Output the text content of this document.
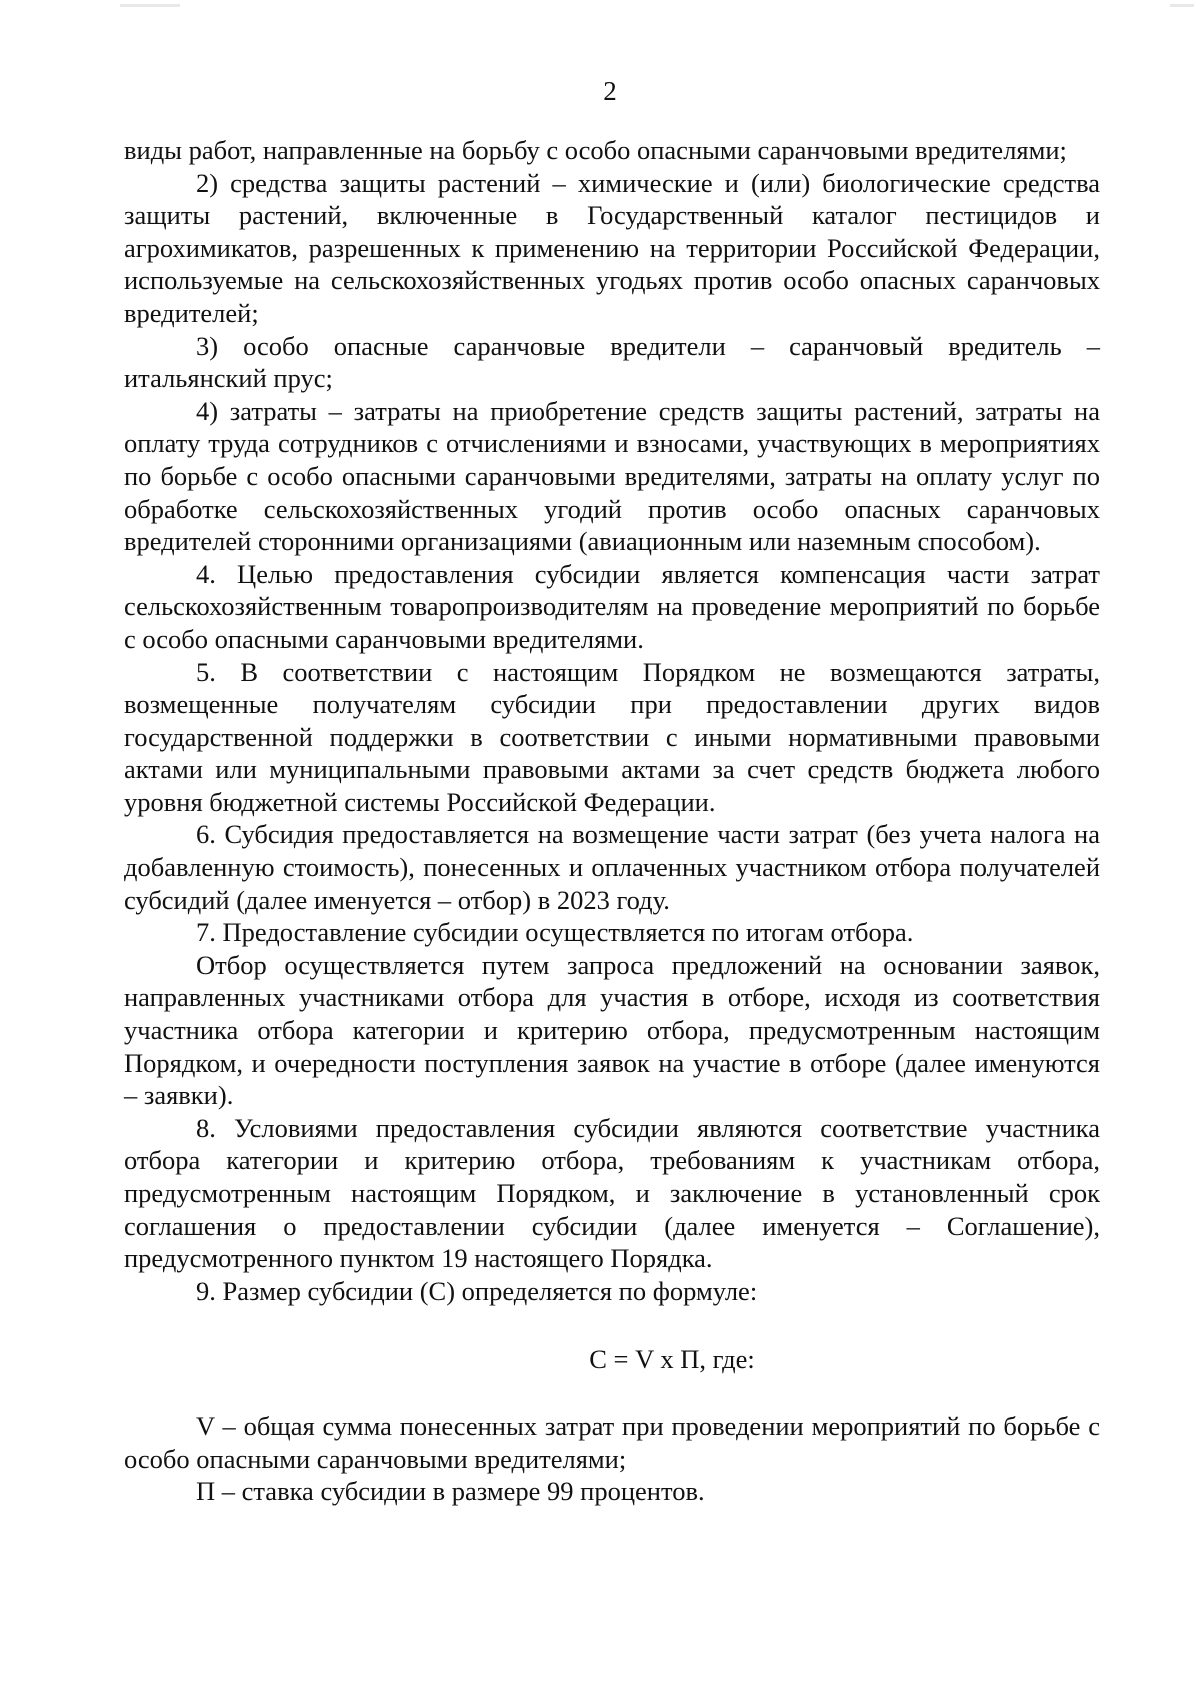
2

виды работ, направленные на борьбу с особо опасными саранчовыми вредителями;

2) средства защиты растений – химические и (или) биологические средства защиты растений, включенные в Государственный каталог пестицидов и агрохимикатов, разрешенных к применению на территории Российской Федерации, используемые на сельскохозяйственных угодьях против особо опасных саранчовых вредителей;

3) особо опасные саранчовые вредители – саранчовый вредитель – итальянский прус;

4) затраты – затраты на приобретение средств защиты растений, затраты на оплату труда сотрудников с отчислениями и взносами, участвующих в мероприятиях по борьбе с особо опасными саранчовыми вредителями, затраты на оплату услуг по обработке сельскохозяйственных угодий против особо опасных саранчовых вредителей сторонними организациями (авиационным или наземным способом).

4. Целью предоставления субсидии является компенсация части затрат сельскохозяйственным товаропроизводителям на проведение мероприятий по борьбе с особо опасными саранчовыми вредителями.

5. В соответствии с настоящим Порядком не возмещаются затраты, возмещенные получателям субсидии при предоставлении других видов государственной поддержки в соответствии с иными нормативными правовыми актами или муниципальными правовыми актами за счет средств бюджета любого уровня бюджетной системы Российской Федерации.

6. Субсидия предоставляется на возмещение части затрат (без учета налога на добавленную стоимость), понесенных и оплаченных участником отбора получателей субсидий (далее именуется – отбор) в 2023 году.

7. Предоставление субсидии осуществляется по итогам отбора.

Отбор осуществляется путем запроса предложений на основании заявок, направленных участниками отбора для участия в отборе, исходя из соответствия участника отбора категории и критерию отбора, предусмотренным настоящим Порядком, и очередности поступления заявок на участие в отборе (далее именуются – заявки).

8. Условиями предоставления субсидии являются соответствие участника отбора категории и критерию отбора, требованиям к участникам отбора, предусмотренным настоящим Порядком, и заключение в установленный срок соглашения о предоставлении субсидии (далее именуется – Соглашение), предусмотренного пунктом 19 настоящего Порядка.

9. Размер субсидии (С) определяется по формуле:

С = V х П, где:

V – общая сумма понесенных затрат при проведении мероприятий по борьбе с особо опасными саранчовыми вредителями;

П – ставка субсидии в размере 99 процентов.
